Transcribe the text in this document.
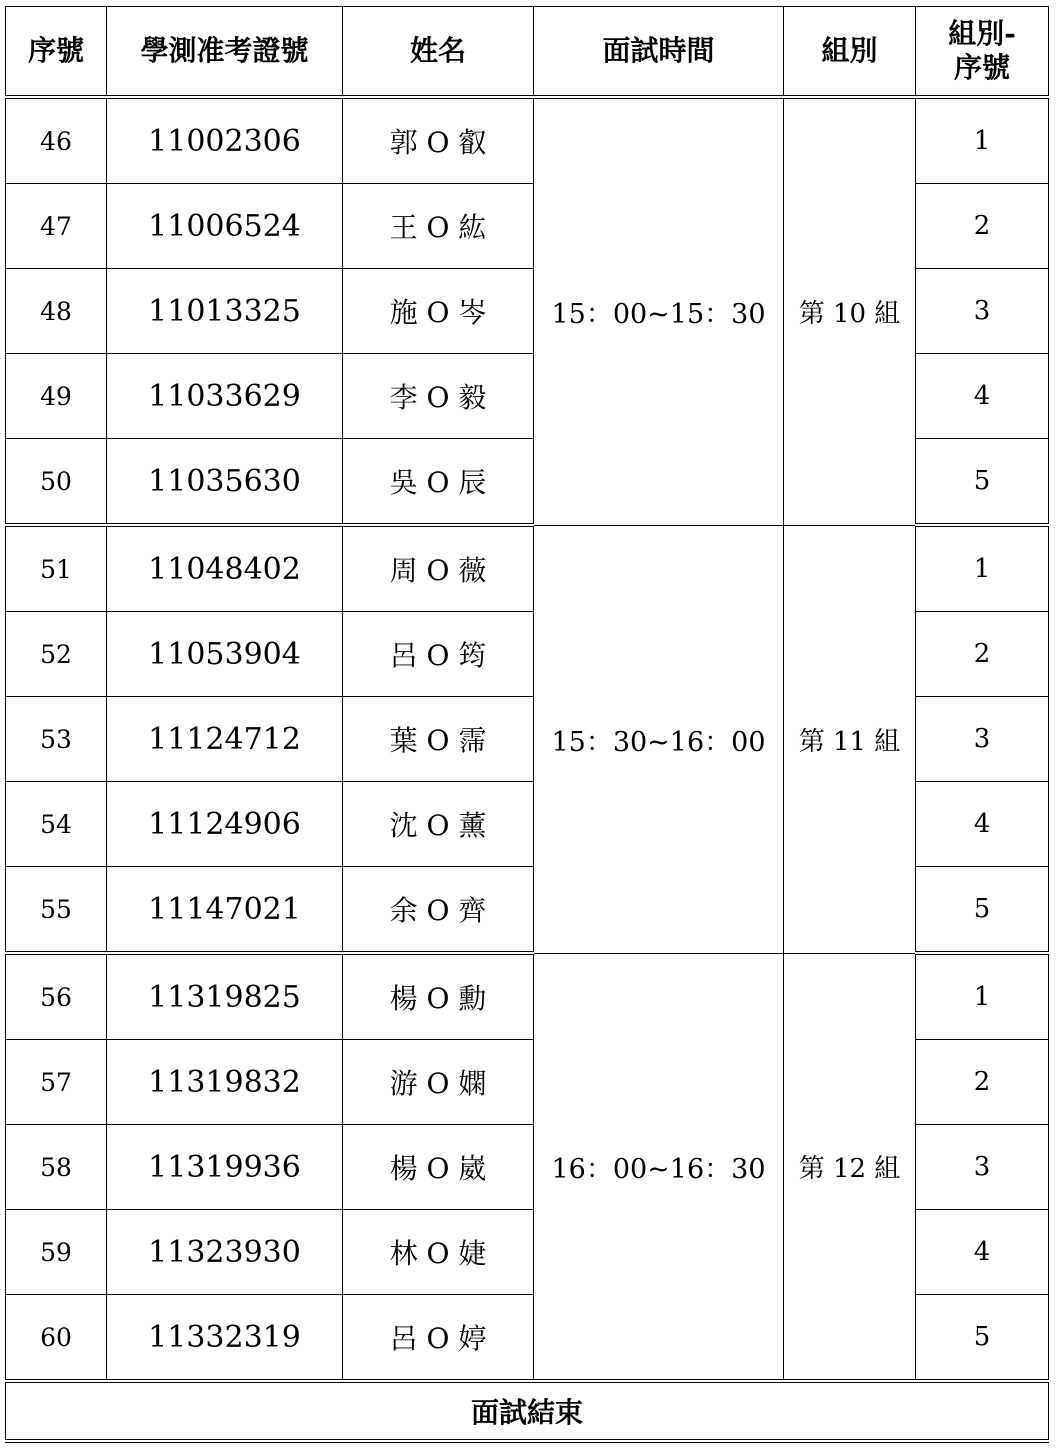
序號	學測准考證號	姓名	面試時間	組別	組別-
序號
46	11002306	郭 O 叡	15：00~15：30	第 10 組	1
47	11006524	王 O 紘			2
48	11013325	施 O 岑			3
49	11033629	李 O 毅			4
50	11035630	吳 O 辰			5
51	11048402	周 O 薇	15：30~16：00	第 11 組	1
52	11053904	呂 O 筠			2
53	11124712	葉 O 霈			3
54	11124906	沈 O 薰			4
55	11147021	余 O 齊			5
56	11319825	楊 O 勳	16：00~16：30	第 12 組	1
57	11319832	游 O 嫻			2
58	11319936	楊 O 崴			3
59	11323930	林 O 婕			4
60	11332319	呂 O 婷			5
面試結束					
